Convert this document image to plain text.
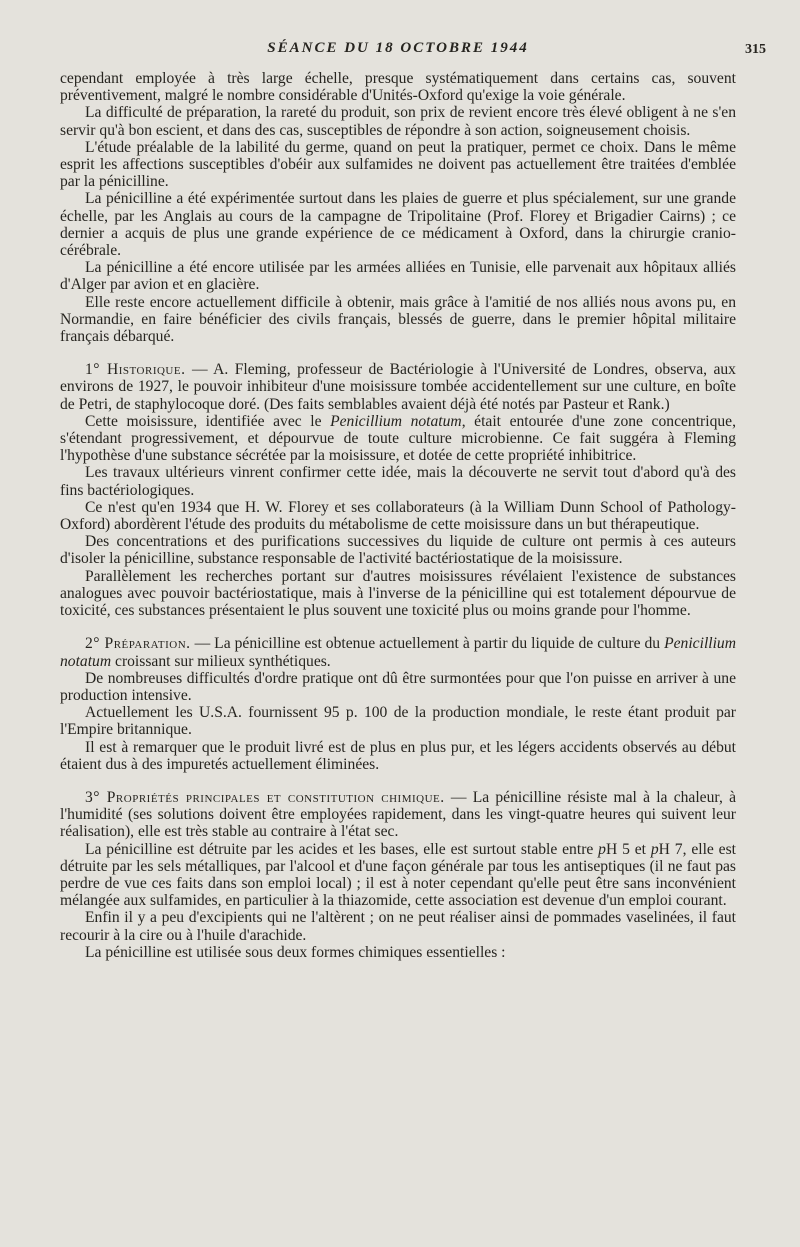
SÉANCE DU 18 OCTOBRE 1944	315

cependant employée à très large échelle, presque systématiquement dans certains cas, souvent préventivement, malgré le nombre considérable d'Unités-Oxford qu'exige la voie générale.

La difficulté de préparation, la rareté du produit, son prix de revient encore très élevé obligent à ne s'en servir qu'à bon escient, et dans des cas, susceptibles de répondre à son action, soigneusement choisis.

L'étude préalable de la labilité du germe, quand on peut la pratiquer, permet ce choix. Dans le même esprit les affections susceptibles d'obéir aux sulfamides ne doivent pas actuellement être traitées d'emblée par la pénicilline.

La pénicilline a été expérimentée surtout dans les plaies de guerre et plus spécialement, sur une grande échelle, par les Anglais au cours de la campagne de Tripolitaine (Prof. Florey et Brigadier Cairns) ; ce dernier a acquis de plus une grande expérience de ce médicament à Oxford, dans la chirurgie cranio-cérébrale.

La pénicilline a été encore utilisée par les armées alliées en Tunisie, elle parvenait aux hôpitaux alliés d'Alger par avion et en glacière.

Elle reste encore actuellement difficile à obtenir, mais grâce à l'amitié de nos alliés nous avons pu, en Normandie, en faire bénéficier des civils français, blessés de guerre, dans le premier hôpital militaire français débarqué.

1° Historique. — A. Fleming, professeur de Bactériologie à l'Université de Londres, observa, aux environs de 1927, le pouvoir inhibiteur d'une moisissure tombée accidentellement sur une culture, en boîte de Petri, de staphylocoque doré. (Des faits semblables avaient déjà été notés par Pasteur et Rank.)

Cette moisissure, identifiée avec le Penicillium notatum, était entourée d'une zone concentrique, s'étendant progressivement, et dépourvue de toute culture microbienne. Ce fait suggéra à Fleming l'hypothèse d'une substance sécrétée par la moisissure, et dotée de cette propriété inhibitrice.

Les travaux ultérieurs vinrent confirmer cette idée, mais la découverte ne servit tout d'abord qu'à des fins bactériologiques.

Ce n'est qu'en 1934 que H. W. Florey et ses collaborateurs (à la William Dunn School of Pathology-Oxford) abordèrent l'étude des produits du métabolisme de cette moisissure dans un but thérapeutique.

Des concentrations et des purifications successives du liquide de culture ont permis à ces auteurs d'isoler la pénicilline, substance responsable de l'activité bactériostatique de la moisissure.

Parallèlement les recherches portant sur d'autres moisissures révélaient l'existence de substances analogues avec pouvoir bactériostatique, mais à l'inverse de la pénicilline qui est totalement dépourvue de toxicité, ces substances présentaient le plus souvent une toxicité plus ou moins grande pour l'homme.

2° Préparation. — La pénicilline est obtenue actuellement à partir du liquide de culture du Penicillium notatum croissant sur milieux synthétiques.

De nombreuses difficultés d'ordre pratique ont dû être surmontées pour que l'on puisse en arriver à une production intensive.

Actuellement les U.S.A. fournissent 95 p. 100 de la production mondiale, le reste étant produit par l'Empire britannique.

Il est à remarquer que le produit livré est de plus en plus pur, et les légers accidents observés au début étaient dus à des impuretés actuellement éliminées.

3° Propriétés principales et constitution chimique. — La pénicilline résiste mal à la chaleur, à l'humidité (ses solutions doivent être employées rapidement, dans les vingt-quatre heures qui suivent leur réalisation), elle est très stable au contraire à l'état sec.

La pénicilline est détruite par les acides et les bases, elle est surtout stable entre pH 5 et pH 7, elle est détruite par les sels métalliques, par l'alcool et d'une façon générale par tous les antiseptiques (il ne faut pas perdre de vue ces faits dans son emploi local) ; il est à noter cependant qu'elle peut être sans inconvénient mélangée aux sulfamides, en particulier à la thiazomide, cette association est devenue d'un emploi courant.

Enfin il y a peu d'excipients qui ne l'altèrent ; on ne peut réaliser ainsi de pommades vaselinées, il faut recourir à la cire ou à l'huile d'arachide.

La pénicilline est utilisée sous deux formes chimiques essentielles :
